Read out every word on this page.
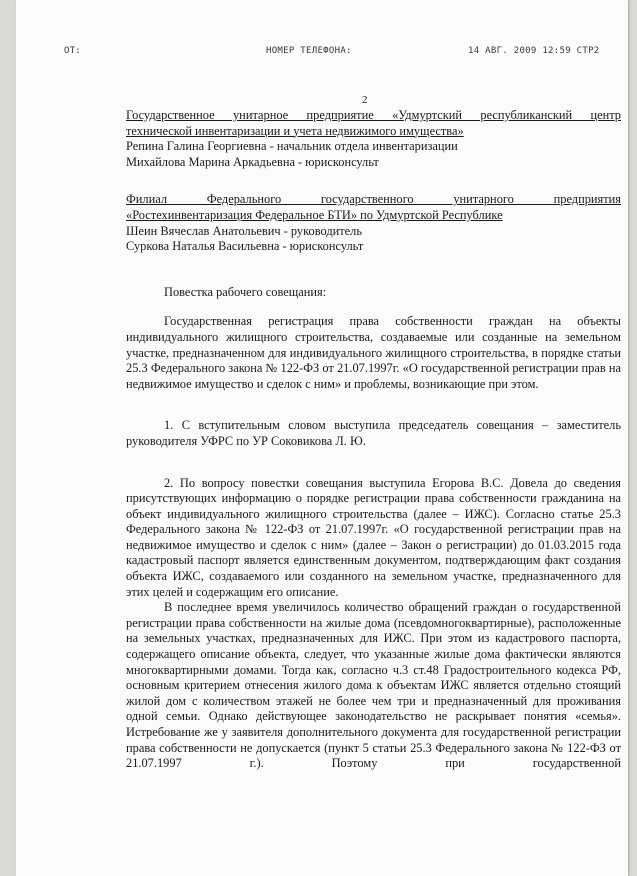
ОТ:	НОМЕР ТЕЛЕФОНА:	14 АВГ. 2009 12:59 СТР2
2

Государственное унитарное предприятие «Удмуртский республиканский центр

технической инвентаризации и учета недвижимого имущества»

Репина Галина Георгиевна - начальник отдела инвентаризации

Михайлова Марина Аркадьевна - юрисконсульт

Филиал Федерального государственного унитарного предприятия

«Ростехинвентаризация Федеральное БТИ» по Удмуртской Республике

Шеин Вячеслав Анатольевич - руководитель

Суркова Наталья Васильевна - юрисконсульт

Повестка рабочего совещания:

Государственная регистрация права собственности граждан на объекты индивидуального жилищного строительства, создаваемые или созданные на земельном участке, предназначенном для индивидуального жилищного строительства, в порядке статьи 25.3 Федерального закона № 122-ФЗ от 21.07.1997г. «О государственной регистрации прав на недвижимое имущество и сделок с ним» и проблемы, возникающие при этом.

1. С вступительным словом выступила председатель совещания – заместитель руководителя УФРС по УР Соковикова Л. Ю.

2. По вопросу повестки совещания выступила Егорова В.С. Довела до сведения присутствующих информацию о порядке регистрации права собственности гражданина на объект индивидуального жилищного строительства (далее – ИЖС). Согласно статье 25.3 Федерального закона № 122-ФЗ от 21.07.1997г. «О государственной регистрации прав на недвижимое имущество и сделок с ним» (далее – Закон о регистрации) до 01.03.2015 года кадастровый паспорт является единственным документом, подтверждающим факт создания объекта ИЖС, создаваемого или созданного на земельном участке, предназначенного для этих целей и содержащим его описание.

В последнее время увеличилось количество обращений граждан о государственной регистрации права собственности на жилые дома (псевдомногоквартирные), расположенные на земельных участках, предназначенных для ИЖС. При этом из кадастрового паспорта, содержащего описание объекта, следует, что указанные жилые дома фактически являются многоквартирными домами. Тогда как, согласно ч.3 ст.48 Градостроительного кодекса РФ, основным критерием отнесения жилого дома к объектам ИЖС является отдельно стоящий жилой дом с количеством этажей не более чем три и предназначенный для проживания одной семьи. Однако действующее законодательство не раскрывает понятия «семья». Истребование же у заявителя дополнительного документа для государственной регистрации права собственности не допускается (пункт 5 статьи 25.3 Федерального закона № 122-ФЗ от 21.07.1997 г.). Поэтому при государственной
